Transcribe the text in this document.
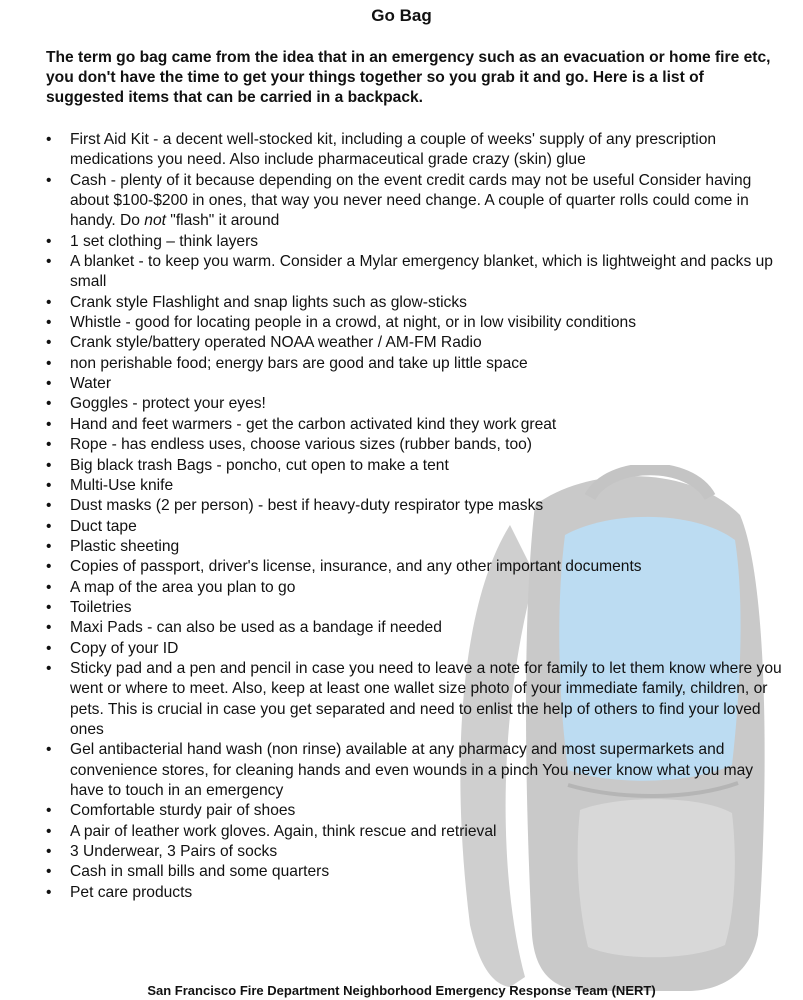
Go Bag

The term go bag came from the idea that in an emergency such as an evacuation or home fire etc, you don't have the time to get your things together so you grab it and go. Here is a list of suggested items that can be carried in a backpack.

• First Aid Kit - a decent well-stocked kit, including a couple of weeks' supply of any prescription medications you need. Also include pharmaceutical grade crazy (skin) glue
• Cash - plenty of it because depending on the event credit cards may not be useful Consider having about $100-$200 in ones, that way you never need change. A couple of quarter rolls could come in handy. Do not "flash" it around
• 1 set clothing – think layers
• A blanket - to keep you warm. Consider a Mylar emergency blanket, which is lightweight and packs up small
• Crank style Flashlight and snap lights such as glow-sticks
• Whistle - good for locating people in a crowd, at night, or in low visibility conditions
• Crank style/battery operated NOAA weather / AM-FM Radio
• non perishable food; energy bars are good and take up little space
• Water
• Goggles - protect your eyes!
• Hand and feet warmers - get the carbon activated kind they work great
• Rope - has endless uses, choose various sizes (rubber bands, too)
• Big black trash Bags - poncho, cut open to make a tent
• Multi-Use knife
• Dust masks (2 per person) - best if heavy-duty respirator type masks
• Duct tape
• Plastic sheeting
• Copies of passport, driver's license, insurance, and any other important documents
• A map of the area you plan to go
• Toiletries
• Maxi Pads - can also be used as a bandage if needed
• Copy of your ID
• Sticky pad and a pen and pencil in case you need to leave a note for family to let them know where you went or where to meet. Also, keep at least one wallet size photo of your immediate family, children, or pets. This is crucial in case you get separated and need to enlist the help of others to find your loved ones
• Gel antibacterial hand wash (non rinse) available at any pharmacy and most supermarkets and convenience stores, for cleaning hands and even wounds in a pinch You never know what you may have to touch in an emergency
• Comfortable sturdy pair of shoes
• A pair of leather work gloves. Again, think rescue and retrieval
• 3 Underwear, 3 Pairs of socks
• Cash in small bills and some quarters
• Pet care products

San Francisco Fire Department Neighborhood Emergency Response Team (NERT)
